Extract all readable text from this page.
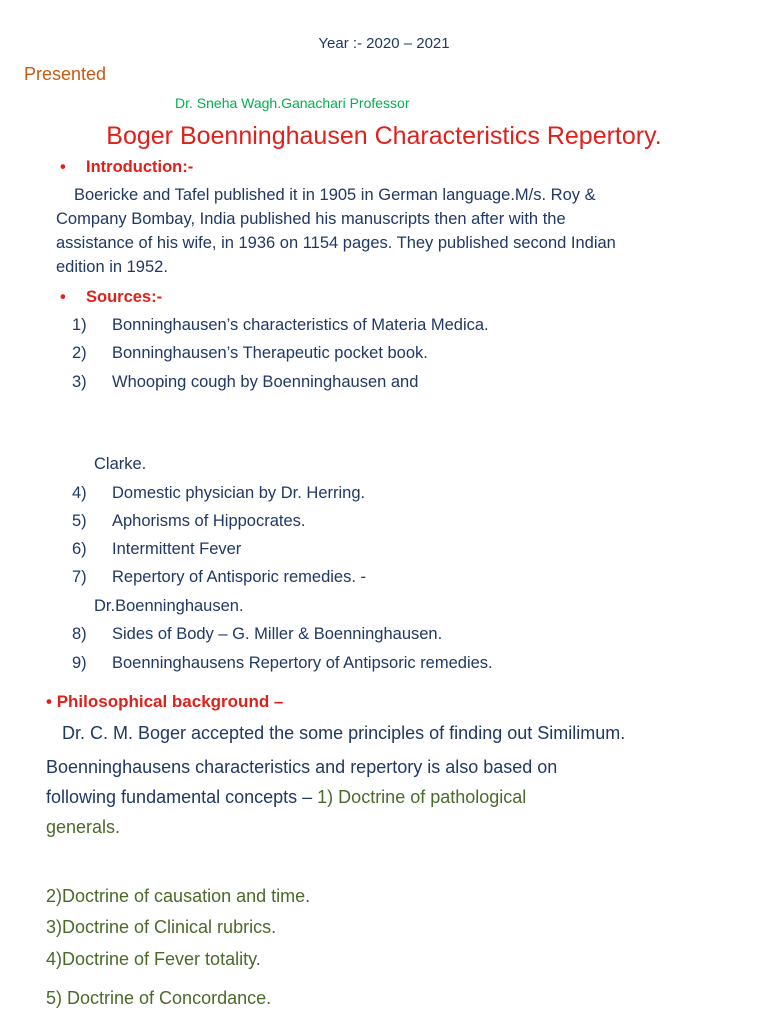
Year :- 2020 – 2021
Presented
Dr. Sneha Wagh.Ganachari Professor
Boger Boenninghausen Characteristics Repertory.
• Introduction:-
Boericke and Tafel published it in 1905 in German language.M/s. Roy &
Company Bombay, India published his manuscripts then after with the
assistance of his wife, in 1936 on 1154 pages. They published second Indian
edition in 1952.
• Sources:-
1) Bonninghausen’s characteristics of Materia Medica.
2) Bonninghausen’s Therapeutic pocket book.
3) Whooping cough by Boenninghausen and
Clarke.
4) Domestic physician by Dr. Herring.
5) Aphorisms of Hippocrates.
6) Intermittent Fever
7) Repertory of Antisporic remedies. -
Dr.Boenninghausen.
8) Sides of Body – G. Miller & Boenninghausen.
9) Boenninghausens Repertory of Antipsoric remedies.
• Philosophical background –
Dr. C. M. Boger accepted the some principles of finding out Similimum.
Boenninghausens characteristics and repertory is also based on
following fundamental concepts – 1) Doctrine of pathological
generals.
2)Doctrine of causation and time.
3)Doctrine of Clinical rubrics.
4)Doctrine of Fever totality.
5) Doctrine of Concordance.
